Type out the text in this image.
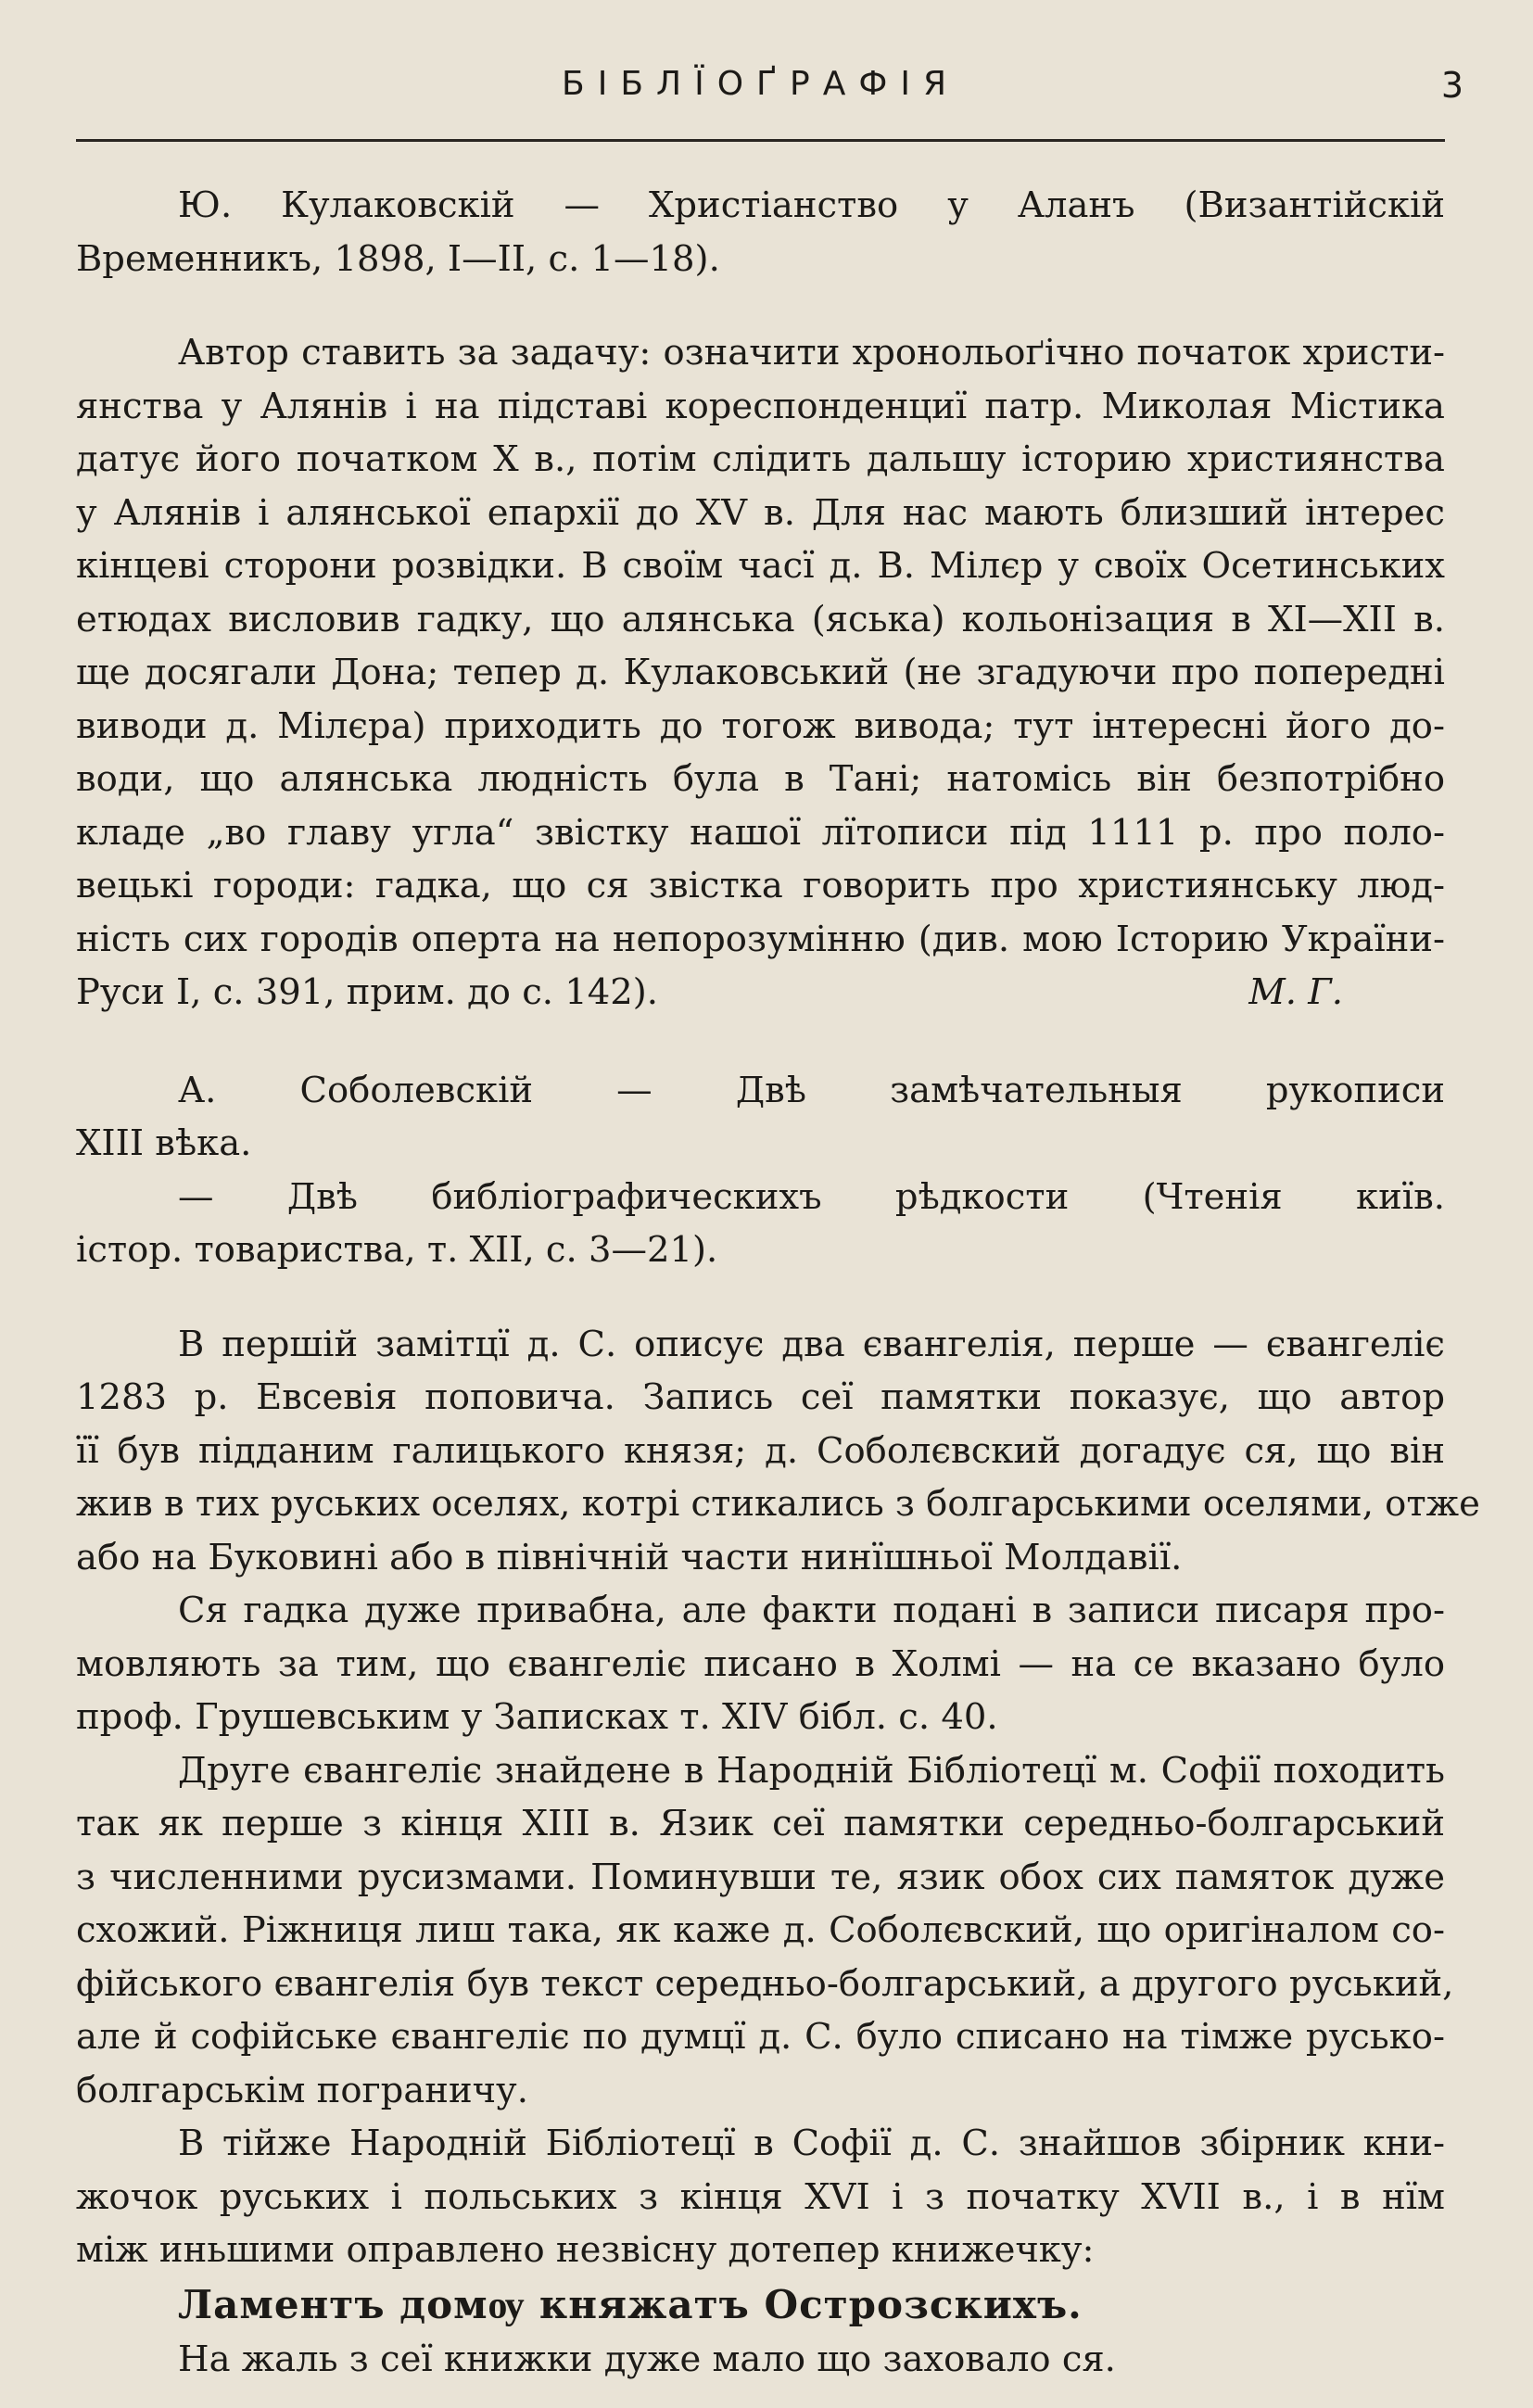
БІБЛЇОҐРАФІЯ	3
Ю. Кулаковскій — Христіанство у Аланъ (Византійскій
Временникъ, 1898, I—II, с. 1—18).
Автор ставить за задачу: означити хронольоґічно початок христи-
янства у Алянів і на підставі кореспонденциї патр. Миколая Містика
датує його початком X в., потім слідить дальшу історию християнства
у Алянів і алянської епархії до XV в. Для нас мають близший інтерес
кінцеві сторони розвідки. В своїм часї д. В. Мілєр у своїх Осетинських
етюдах висловив гадку, що алянська (яська) кольонізация в XI—XII в.
ще досягали Дона; тепер д. Кулаковський (не згадуючи про попередні
виводи д. Мілєра) приходить до тогож вивода; тут інтересні його до-
води, що алянська людність була в Тані; натомісь він безпотрібно
кладе „во главу угла“ звістку нашої лїтописи під 1111 р. про поло-
вецькі городи: гадка, що ся звістка говорить про християнську люд-
ність сих городів оперта на непорозумінню (див. мою Історию України-
Руси I, с. 391, прим. до с. 142).	М. Г.
А. Соболевскій — Двѣ замѣчательныя рукописи
XIII вѣка.
— Двѣ библіографическихъ рѣдкости (Чтенія київ.
істор. товариства, т. XII, с. 3—21).
В першій замітцї д. С. описує два євангелія, перше — євангеліє
1283 р. Евсевія поповича. Запись сеї памятки показує, що автор
її був підданим галицького князя; д. Соболєвский догадує ся, що він
жив в тих руських оселях, котрі стикались з болгарськими оселями, отже
або на Буковині або в північній части нинїшньої Молдавії.
Ся гадка дуже привабна, але факти подані в записи писаря про-
мовляють за тим, що євангеліє писано в Холмі — на се вказано було
проф. Грушевським у Записках т. XIV бібл. с. 40.
Друге євангеліє знайдене в Народній Бібліотецї м. Софії походить
так як перше з кінця XIII в. Язик сеї памятки середньо-болгарський
з численними русизмами. Поминувши те, язик обох сих памяток дуже
схожий. Ріжниця лиш така, як каже д. Соболєвский, що оригіналом со-
фійського євангелія був текст середньо-болгарський, а другого руський,
але й софійське євангеліє по думцї д. С. було списано на тімже русько-
болгарськім пограничу.
В тійже Народній Бібліотецї в Софії д. С. знайшов збірник кни-
жочок руських і польських з кінця XVI і з початку XVII в., і в нїм
між иньшими оправлено незвісну дотепер книжечку:
Ламентъ домѹ княжатъ Острозскихъ.
На жаль з сеї книжки дуже мало що заховало ся.
